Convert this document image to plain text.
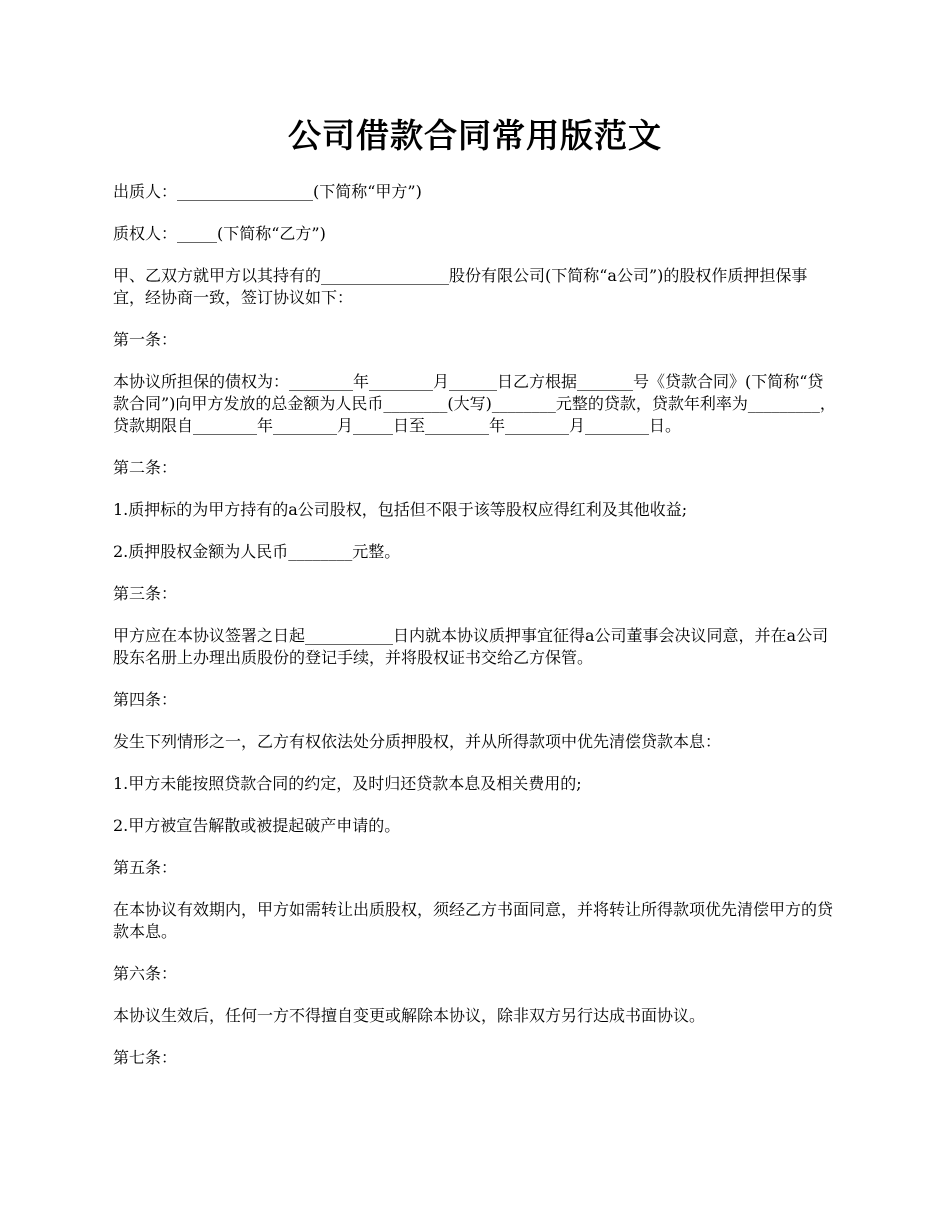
公司借款合同常用版范文

出质人：_________________(下简称“甲方”)

质权人：_____(下简称“乙方”)

甲、乙双方就甲方以其持有的________________股份有限公司(下简称“a公司”)的股权作质押担保事宜，经协商一致，签订协议如下：

第一条：

本协议所担保的债权为：________年________月______日乙方根据_______号《贷款合同》(下简称“贷款合同”)向甲方发放的总金额为人民币________(大写)________元整的贷款，贷款年利率为_________，贷款期限自________年________月_____日至________年________月________日。

第二条：

1.质押标的为甲方持有的a公司股权，包括但不限于该等股权应得红利及其他收益;

2.质押股权金额为人民币________元整。

第三条：

甲方应在本协议签署之日起___________日内就本协议质押事宜征得a公司董事会决议同意，并在a公司股东名册上办理出质股份的登记手续，并将股权证书交给乙方保管。

第四条：

发生下列情形之一，乙方有权依法处分质押股权，并从所得款项中优先清偿贷款本息：

1.甲方未能按照贷款合同的约定，及时归还贷款本息及相关费用的;

2.甲方被宣告解散或被提起破产申请的。

第五条：

在本协议有效期内，甲方如需转让出质股权，须经乙方书面同意，并将转让所得款项优先清偿甲方的贷款本息。

第六条：

本协议生效后，任何一方不得擅自变更或解除本协议，除非双方另行达成书面协议。

第七条：
